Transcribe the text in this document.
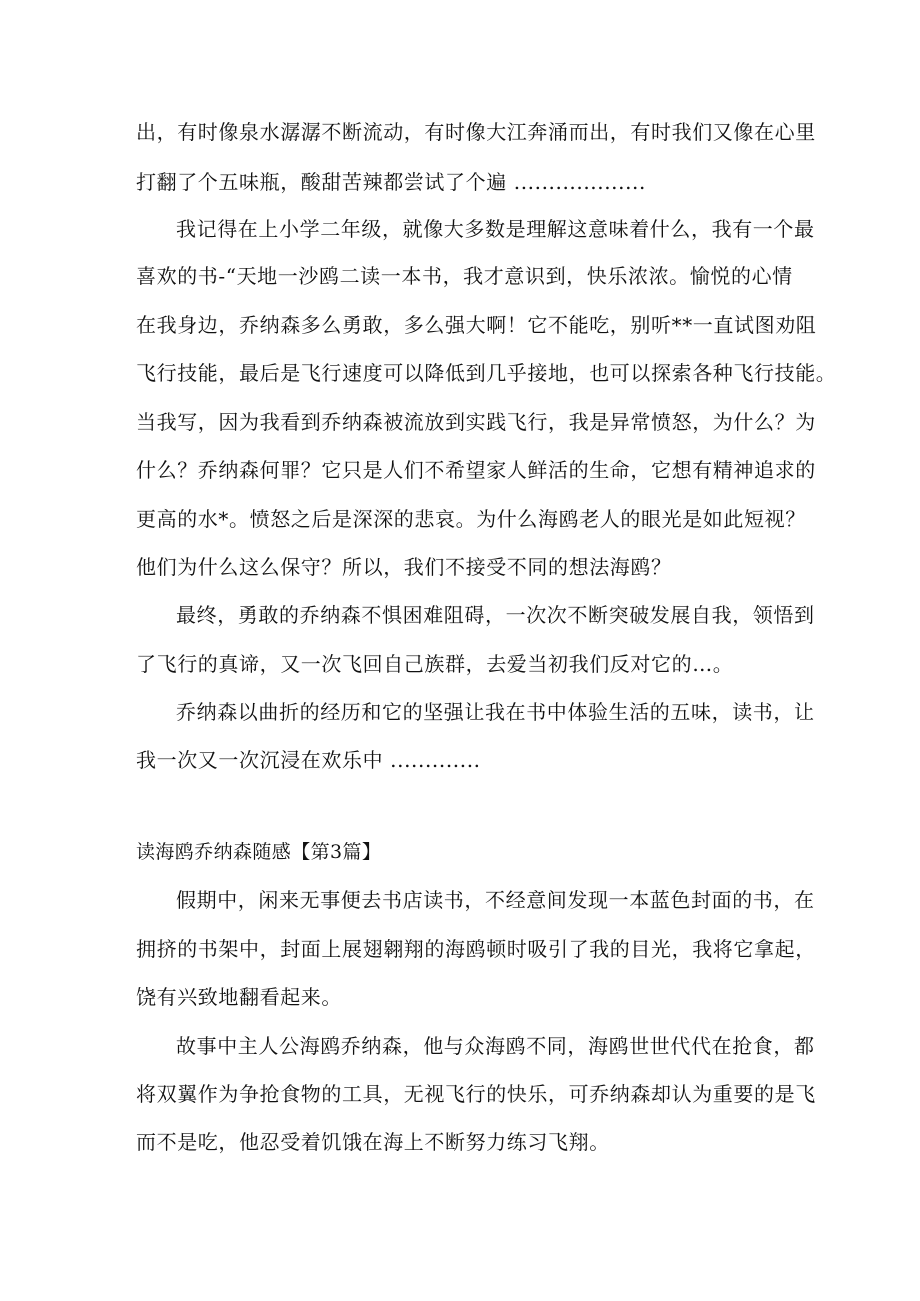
出，有时像泉水潺潺不断流动，有时像大江奔涌而出，有时我们又像在心里
打翻了个五味瓶，酸甜苦辣都尝试了个遍 ...................
我记得在上小学二年级，就像大多数是理解这意味着什么，我有一个最
喜欢的书-“天地一沙鸥二读一本书，我才意识到，快乐浓浓。愉悦的心情
在我身边，乔纳森多么勇敢，多么强大啊！它不能吃，别听**一直试图劝阻
飞行技能，最后是飞行速度可以降低到几乎接地，也可以探索各种飞行技能。
当我写，因为我看到乔纳森被流放到实践飞行，我是异常愤怒，为什么？为
什么？乔纳森何罪？它只是人们不希望家人鲜活的生命，它想有精神追求的
更高的水*。愤怒之后是深深的悲哀。为什么海鸥老人的眼光是如此短视？
他们为什么这么保守？所以，我们不接受不同的想法海鸥？
最终，勇敢的乔纳森不惧困难阻碍，一次次不断突破发展自我，领悟到
了飞行的真谛，又一次飞回自己族群，去爱当初我们反对它的…。
乔纳森以曲折的经历和它的坚强让我在书中体验生活的五味，读书，让
我一次又一次沉浸在欢乐中 .............
读海鸥乔纳森随感【第3篇】
假期中，闲来无事便去书店读书，不经意间发现一本蓝色封面的书，在
拥挤的书架中，封面上展翅翱翔的海鸥顿时吸引了我的目光，我将它拿起，
饶有兴致地翻看起来。
故事中主人公海鸥乔纳森，他与众海鸥不同，海鸥世世代代在抢食，都
将双翼作为争抢食物的工具，无视飞行的快乐，可乔纳森却认为重要的是飞
而不是吃，他忍受着饥饿在海上不断努力练习飞翔。
